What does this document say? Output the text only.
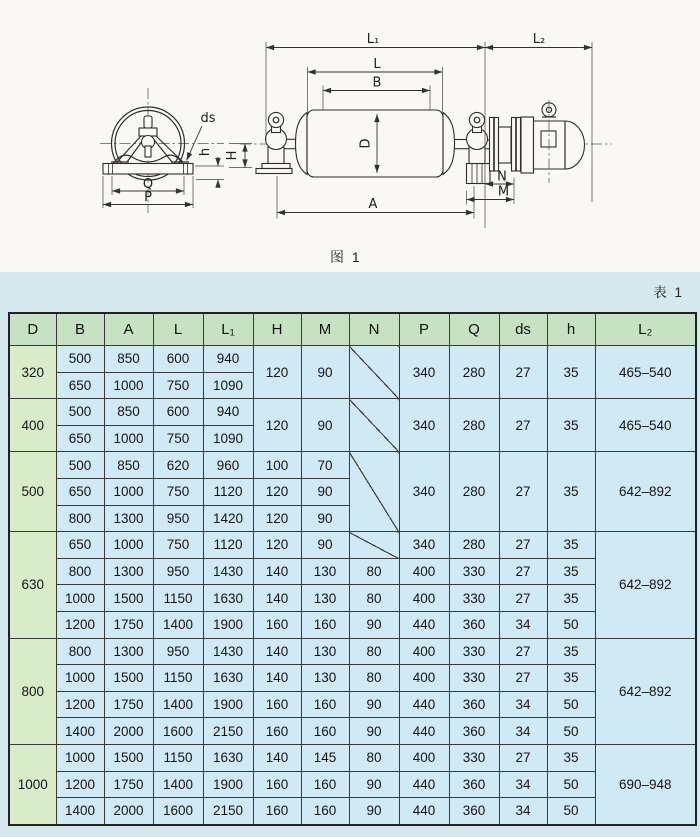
Q
P
ds
h H
L₁	L₂
L
B
D
A
N
M
图 1
表 1
D	B	A	L	L₁	H	M	N	P	Q	ds	h	L₂
320	500	850	600	940	120	90		340	280	27	35	465–540
	650	1000	750	1090								
400	500	850	600	940	120	90		340	280	27	35	465–540
	650	1000	750	1090								
500	500	850	620	960	100	70		340	280	27	35	642–892
	650	1000	750	1120	120	90						
	800	1300	950	1420	120	90						
630	650	1000	750	1120	120	90		340	280	27	35	642–892
	800	1300	950	1430	140	130	80	400	330	27	35	
	1000	1500	1150	1630	140	130	80	400	330	27	35	
	1200	1750	1400	1900	160	160	90	440	360	34	50	
800	800	1300	950	1430	140	130	80	400	330	27	35	642–892
	1000	1500	1150	1630	140	130	80	400	330	27	35	
	1200	1750	1400	1900	160	160	90	440	360	34	50	
	1400	2000	1600	2150	160	160	90	440	360	34	50	
1000	1000	1500	1150	1630	140	145	80	400	330	27	35	690–948
	1200	1750	1400	1900	160	160	90	440	360	34	50	
	1400	2000	1600	2150	160	160	90	440	360	34	50	
